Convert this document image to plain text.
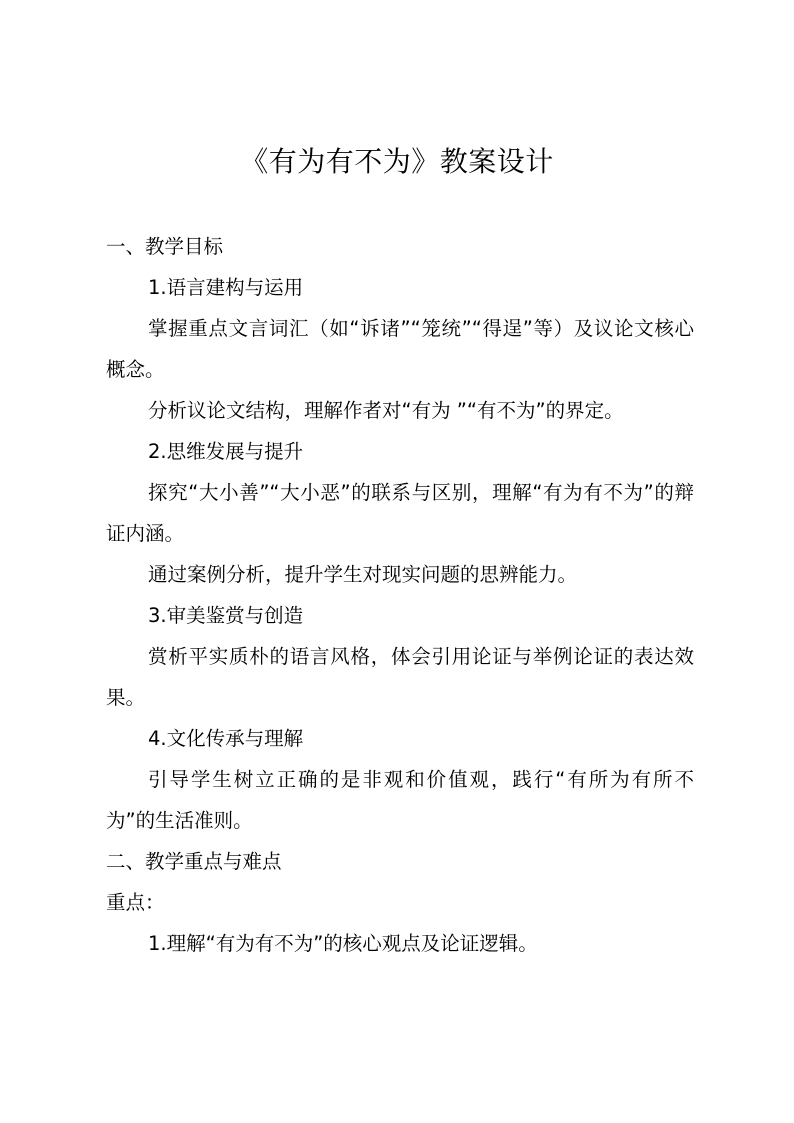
《有为有不为》教案设计

一、教学目标

1.语言建构与运用

掌握重点文言词汇（如“诉诸”“笼统”“得逞”等）及议论文核心概念。

分析议论文结构，理解作者对“有为 ”“有不为”的界定。

2.思维发展与提升

探究“大小善”“大小恶”的联系与区别，理解“有为有不为”的辩证内涵。

通过案例分析，提升学生对现实问题的思辨能力。

3.审美鉴赏与创造

赏析平实质朴的语言风格，体会引用论证与举例论证的表达效果。

4.文化传承与理解

引导学生树立正确的是非观和价值观，践行“有所为有所不为”的生活准则。

二、教学重点与难点

重点：

1.理解“有为有不为”的核心观点及论证逻辑。
